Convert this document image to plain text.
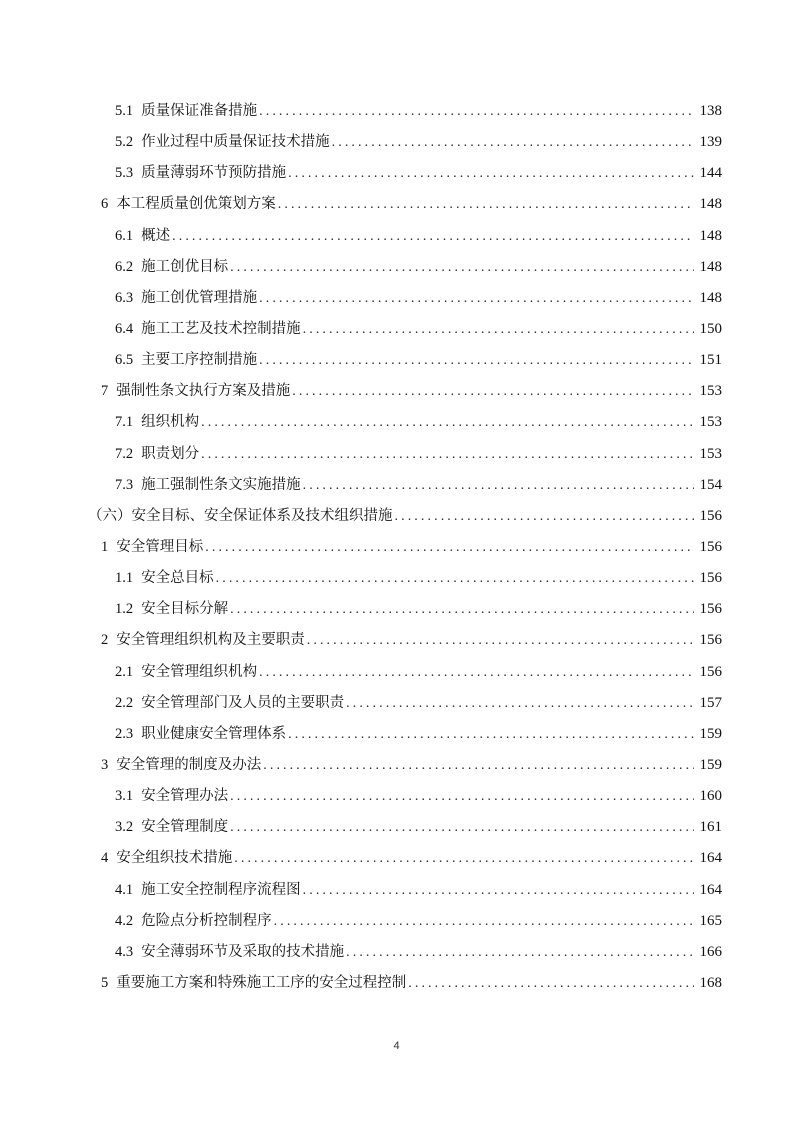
5.1 质量保证准备措施 . . .	138
5.2 作业过程中质量保证技术措施 . . .	139
5.3 质量薄弱环节预防措施 . . .	144
6 本工程质量创优策划方案 . . .	148
6.1 概述 . . .	148
6.2 施工创优目标 . . .	148
6.3 施工创优管理措施 . . .	148
6.4 施工工艺及技术控制措施 . . .	150
6.5 主要工序控制措施 . . .	151
7 强制性条文执行方案及措施 . . .	153
7.1 组织机构 . . .	153
7.2 职责划分 . . .	153
7.3 施工强制性条文实施措施 . . .	154
（六）安全目标、安全保证体系及技术组织措施 . . .	156
1 安全管理目标 . . .	156
1.1 安全总目标 . . .	156
1.2 安全目标分解 . . .	156
2 安全管理组织机构及主要职责 . . .	156
2.1 安全管理组织机构 . . .	156
2.2 安全管理部门及人员的主要职责 . . .	157
2.3 职业健康安全管理体系 . . .	159
3 安全管理的制度及办法 . . .	159
3.1 安全管理办法 . . .	160
3.2 安全管理制度 . . .	161
4 安全组织技术措施 . . .	164
4.1 施工安全控制程序流程图 . . .	164
4.2 危险点分析控制程序 . . .	165
4.3 安全薄弱环节及采取的技术措施 . . .	166
5 重要施工方案和特殊施工工序的安全过程控制 . . .	168
4
